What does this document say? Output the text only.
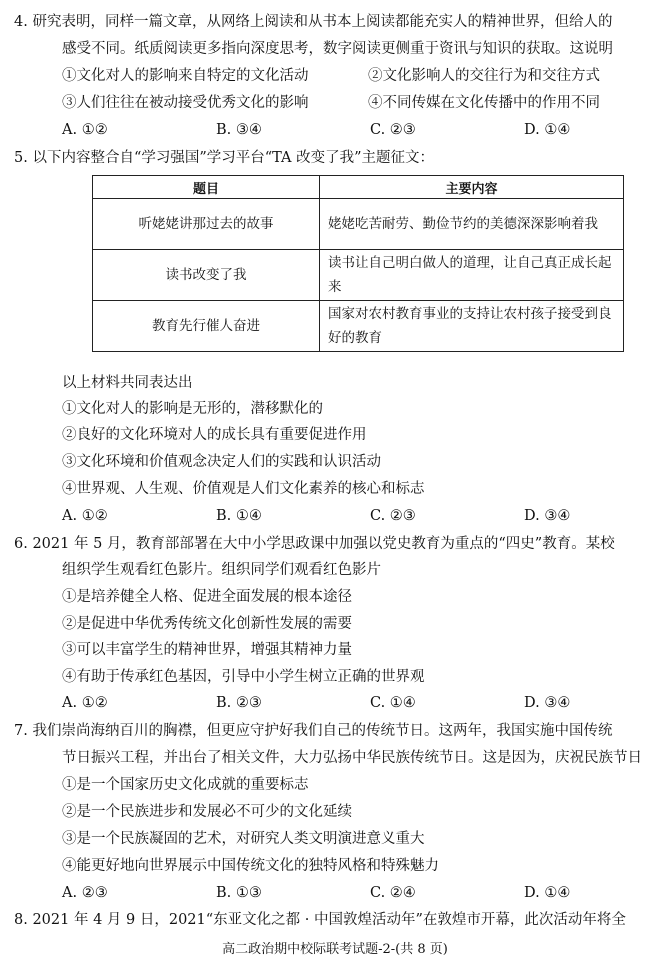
4. 研究表明，同样一篇文章，从网络上阅读和从书本上阅读都能充实人的精神世界，但给人的
感受不同。纸质阅读更多指向深度思考，数字阅读更侧重于资讯与知识的获取。这说明
①文化对人的影响来自特定的文化活动	②文化影响人的交往行为和交往方式
③人们往往在被动接受优秀文化的影响	④不同传媒在文化传播中的作用不同
A. ①②	B. ③④	C. ②③	D. ①④
5. 以下内容整合自“学习强国”学习平台“TA 改变了我”主题征文：
题目	主要内容
听姥姥讲那过去的故事	姥姥吃苦耐劳、勤俭节约的美德深深影响着我
读书改变了我	读书让自己明白做人的道理，让自己真正成长起来
教育先行催人奋进	国家对农村教育事业的支持让农村孩子接受到良好的教育
以上材料共同表达出
①文化对人的影响是无形的，潜移默化的
②良好的文化环境对人的成长具有重要促进作用
③文化环境和价值观念决定人们的实践和认识活动
④世界观、人生观、价值观是人们文化素养的核心和标志
A. ①②	B. ①④	C. ②③	D. ③④
6. 2021 年 5 月，教育部部署在大中小学思政课中加强以党史教育为重点的“四史”教育。某校
组织学生观看红色影片。组织同学们观看红色影片
①是培养健全人格、促进全面发展的根本途径
②是促进中华优秀传统文化创新性发展的需要
③可以丰富学生的精神世界，增强其精神力量
④有助于传承红色基因，引导中小学生树立正确的世界观
A. ①②	B. ②③	C. ①④	D. ③④
7. 我们崇尚海纳百川的胸襟，但更应守护好我们自己的传统节日。这两年，我国实施中国传统
节日振兴工程，并出台了相关文件，大力弘扬中华民族传统节日。这是因为，庆祝民族节日
①是一个国家历史文化成就的重要标志
②是一个民族进步和发展必不可少的文化延续
③是一个民族凝固的艺术，对研究人类文明演进意义重大
④能更好地向世界展示中国传统文化的独特风格和特殊魅力
A. ②③	B. ①③	C. ②④	D. ①④
8. 2021 年 4 月 9 日，2021“东亚文化之都 · 中国敦煌活动年”在敦煌市开幕，此次活动年将全
高二政治期中校际联考试题-2-(共 8 页)
